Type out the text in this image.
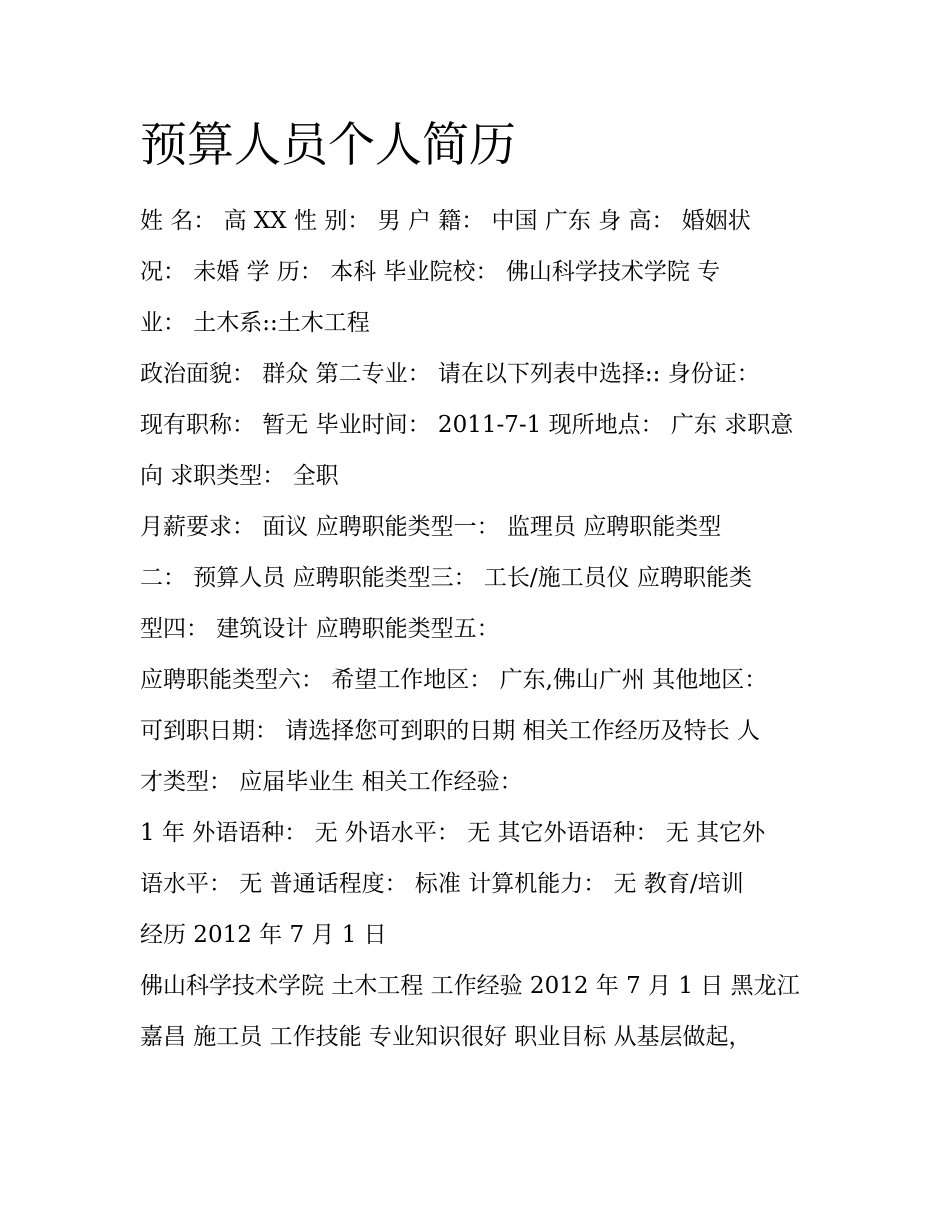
预算人员个人简历
姓 名： 高 XX 性 别： 男 户 籍： 中国 广东 身 高： 婚姻状
况： 未婚 学 历： 本科 毕业院校： 佛山科学技术学院 专
业： 土木系::土木工程
政治面貌： 群众 第二专业： 请在以下列表中选择:: 身份证：
现有职称： 暂无 毕业时间： 2011-7-1 现所地点： 广东 求职意
向 求职类型： 全职
月薪要求： 面议 应聘职能类型一： 监理员 应聘职能类型
二： 预算人员 应聘职能类型三： 工长/施工员仪 应聘职能类
型四： 建筑设计 应聘职能类型五：
应聘职能类型六： 希望工作地区： 广东,佛山广州 其他地区：
可到职日期： 请选择您可到职的日期 相关工作经历及特长 人
才类型： 应届毕业生 相关工作经验：
1 年 外语语种： 无 外语水平： 无 其它外语语种： 无 其它外
语水平： 无 普通话程度： 标准 计算机能力： 无 教育/培训
经历 2012 年 7 月 1 日
佛山科学技术学院 土木工程 工作经验 2012 年 7 月 1 日 黑龙江
嘉昌 施工员 工作技能 专业知识很好 职业目标 从基层做起，
